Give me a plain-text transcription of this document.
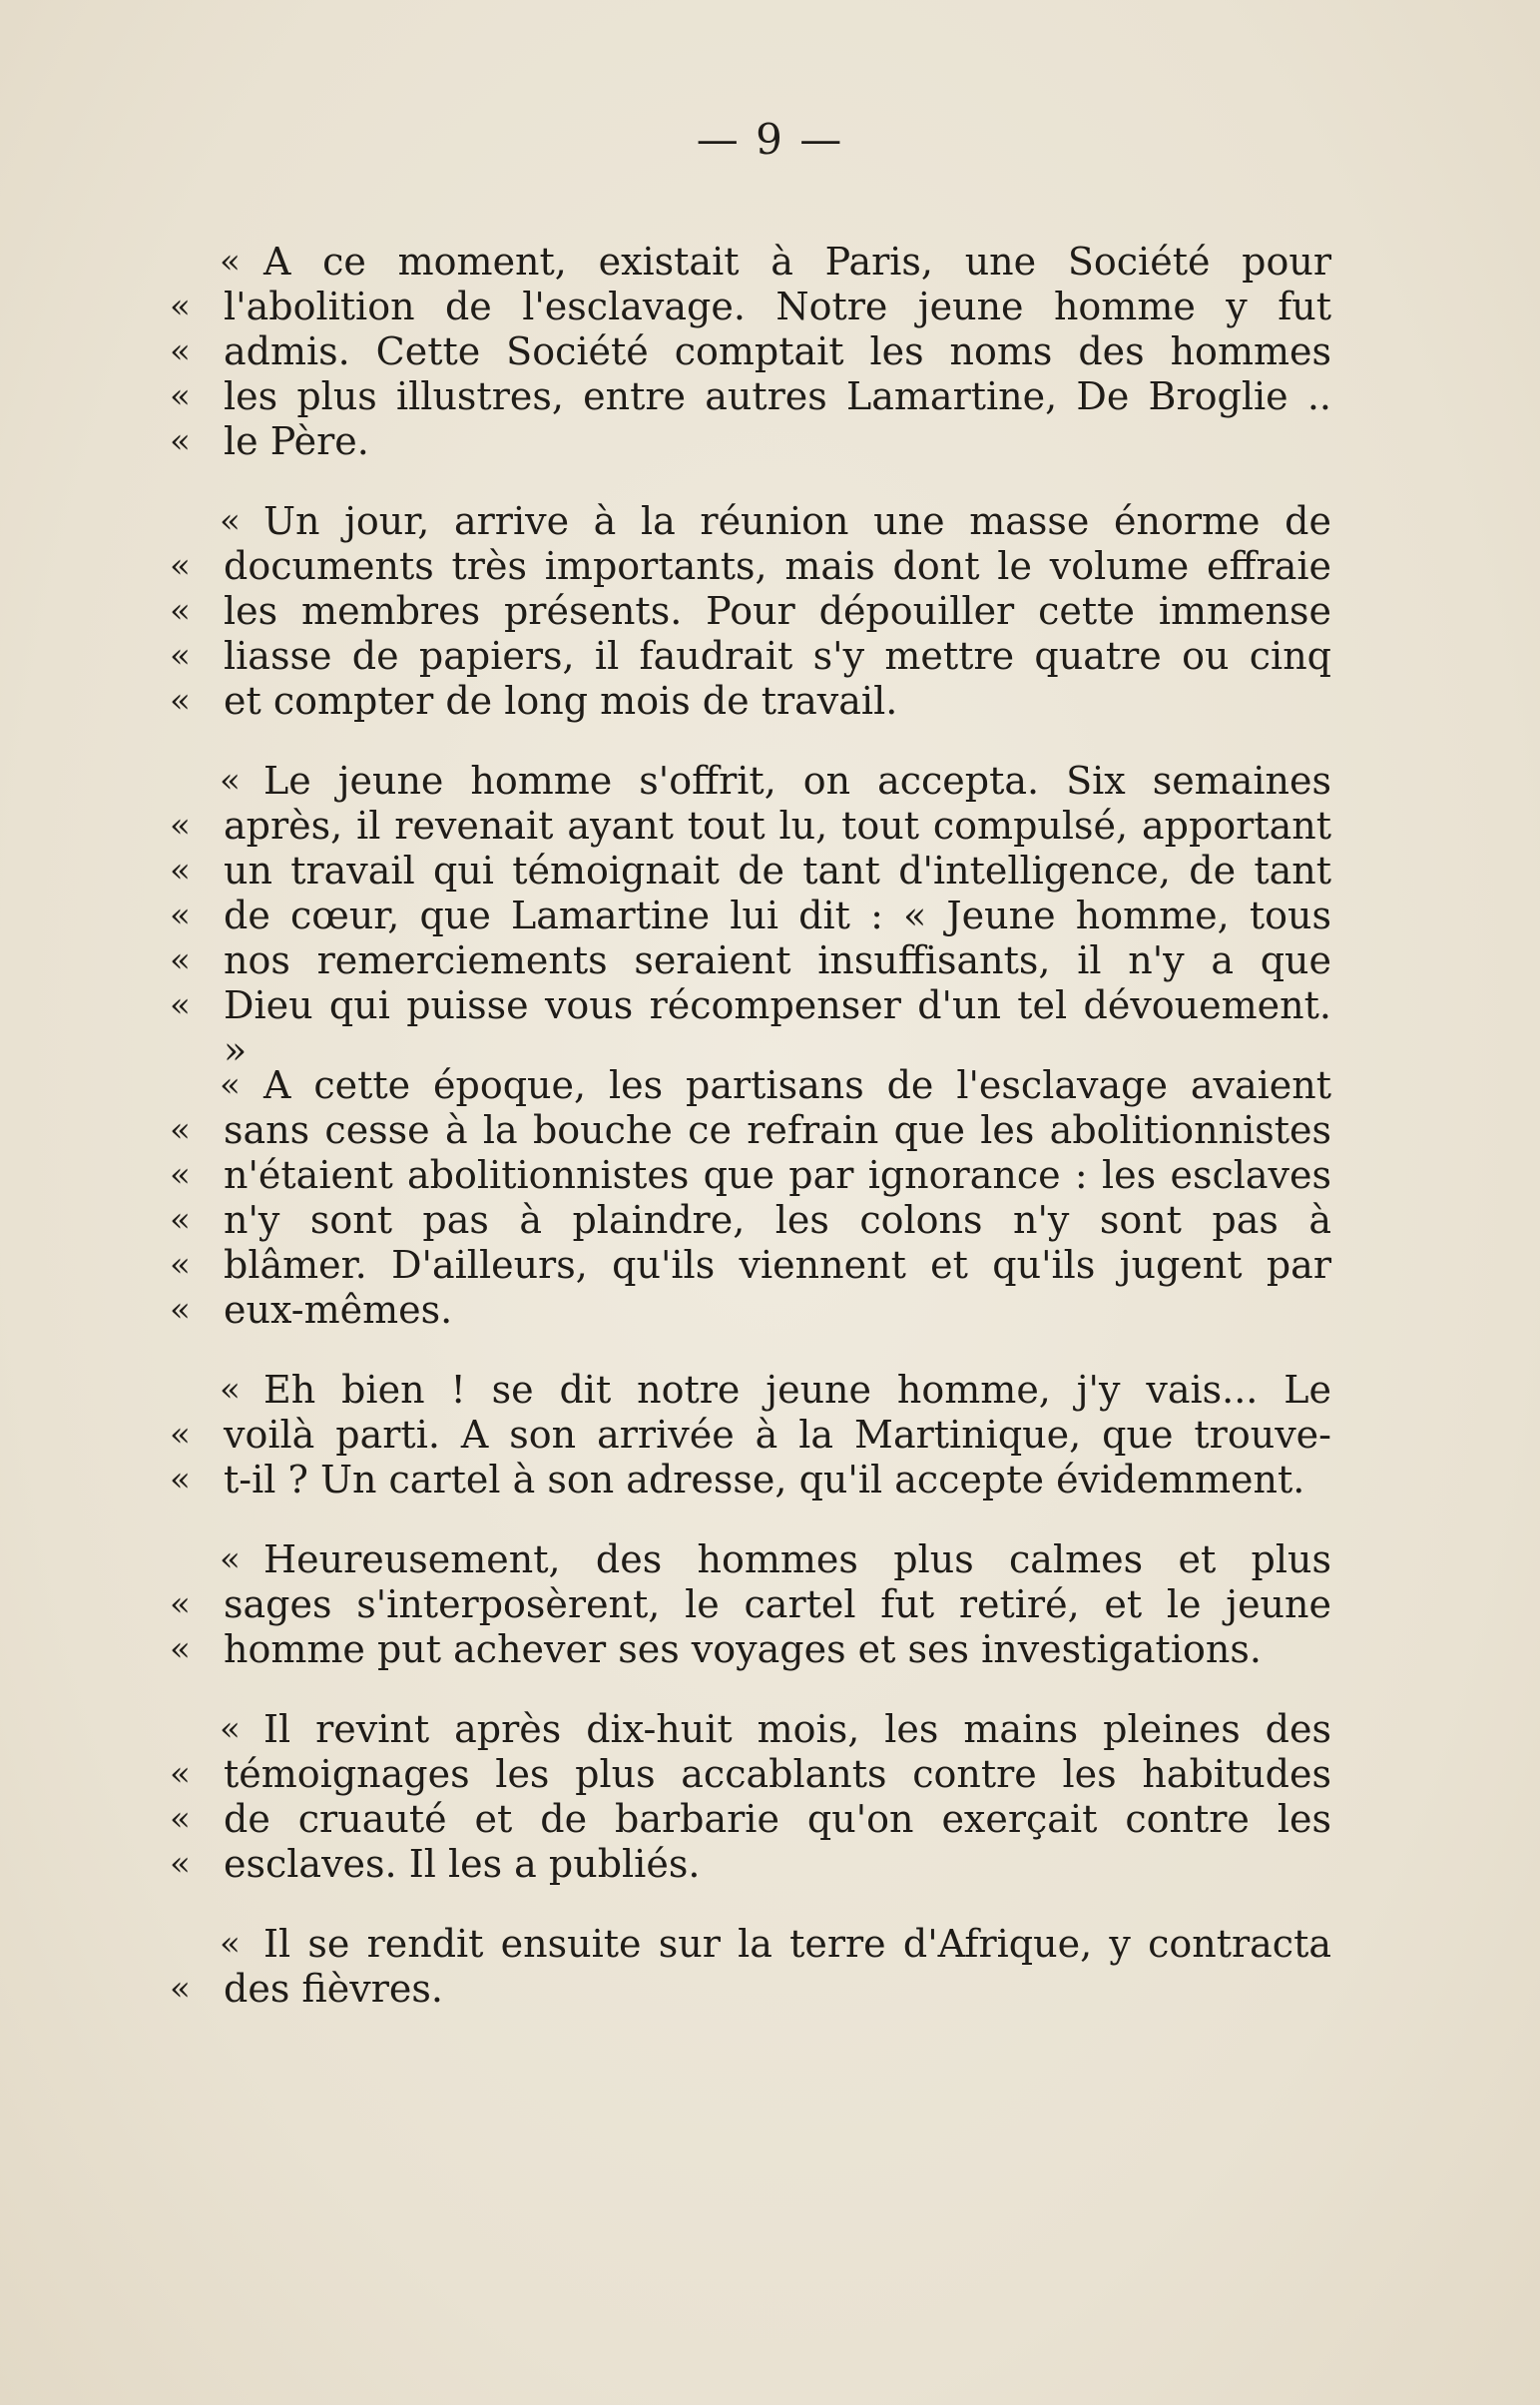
— 9 —
« A ce moment, existait à Paris, une Société pour
« l'abolition de l'esclavage. Notre jeune homme y fut
« admis. Cette Société comptait les noms des hommes
« les plus illustres, entre autres Lamartine, De Broglie ..
« le Père.
« Un jour, arrive à la réunion une masse énorme de
« documents très importants, mais dont le volume effraie
« les membres présents. Pour dépouiller cette immense
« liasse de papiers, il faudrait s'y mettre quatre ou cinq
« et compter de long mois de travail.
« Le jeune homme s'offrit, on accepta. Six semaines
« après, il revenait ayant tout lu, tout compulsé, apportant
« un travail qui témoignait de tant d'intelligence, de tant
« de cœur, que Lamartine lui dit : « Jeune homme, tous
« nos remerciements seraient insuffisants, il n'y a que
« Dieu qui puisse vous récompenser d'un tel dévouement. »
« A cette époque, les partisans de l'esclavage avaient
« sans cesse à la bouche ce refrain que les abolitionnistes
« n'étaient abolitionnistes que par ignorance : les esclaves
« n'y sont pas à plaindre, les colons n'y sont pas à
« blâmer. D'ailleurs, qu'ils viennent et qu'ils jugent par
« eux-mêmes.
« Eh bien ! se dit notre jeune homme, j'y vais... Le
« voilà parti. A son arrivée à la Martinique, que trouve-
« t-il ? Un cartel à son adresse, qu'il accepte évidemment.
« Heureusement, des hommes plus calmes et plus
« sages s'interposèrent, le cartel fut retiré, et le jeune
« homme put achever ses voyages et ses investigations.
« Il revint après dix-huit mois, les mains pleines des
« témoignages les plus accablants contre les habitudes
« de cruauté et de barbarie qu'on exerçait contre les
« esclaves. Il les a publiés.
« Il se rendit ensuite sur la terre d'Afrique, y contracta
« des fièvres.
